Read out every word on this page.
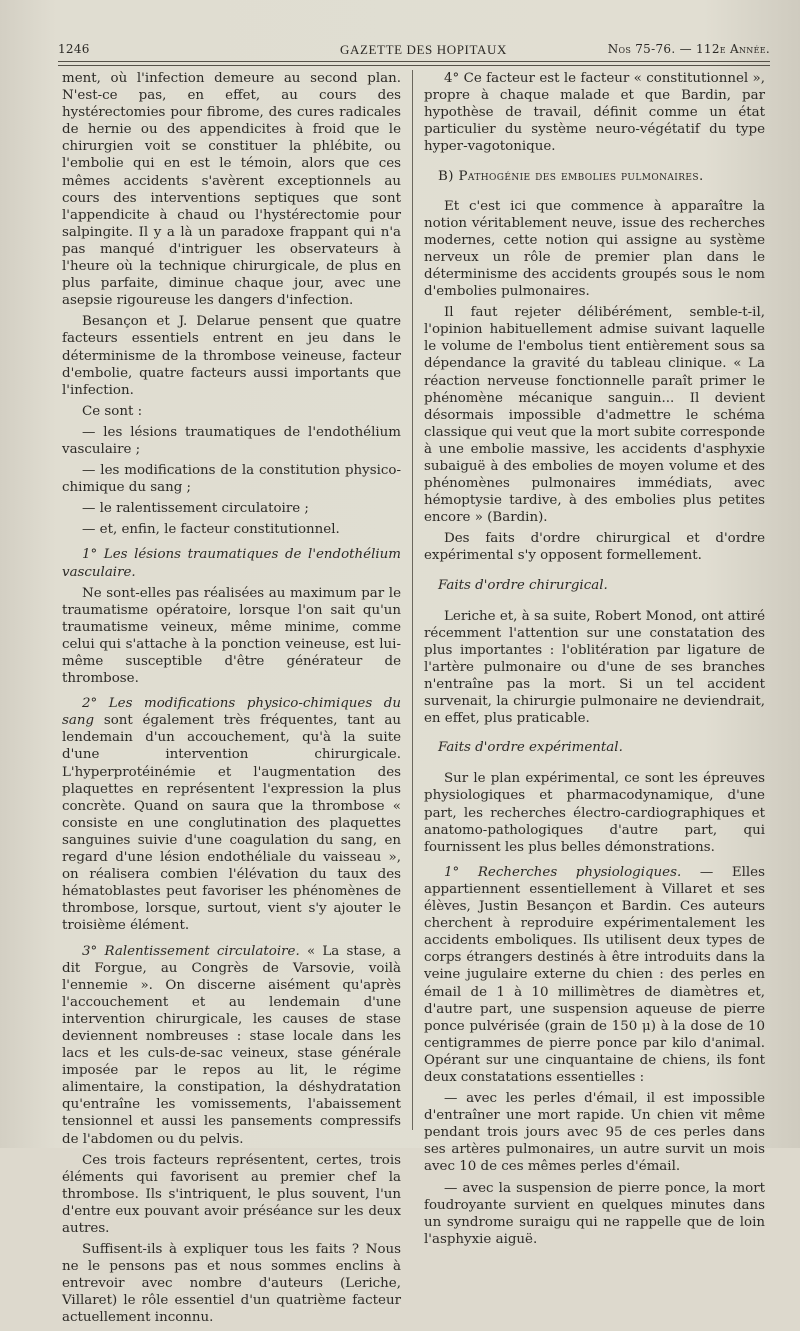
1246	GAZETTE DES HOPITAUX	Nos 75-76. — 112e Année.

ment, où l'infection demeure au second plan. N'est-ce pas, en effet, au cours des hystérectomies pour fibrome, des cures radicales de hernie ou des appendicites à froid que le chirurgien voit se constituer la phlébite, ou l'embolie qui en est le témoin, alors que ces mêmes accidents s'avèrent exceptionnels au cours des interventions septiques que sont l'appendicite à chaud ou l'hystérectomie pour salpingite. Il y a là un paradoxe frappant qui n'a pas manqué d'intriguer les observateurs à l'heure où la technique chirurgicale, de plus en plus parfaite, diminue chaque jour, avec une asepsie rigoureuse les dangers d'infection.

Besançon et J. Delarue pensent que quatre facteurs essentiels entrent en jeu dans le déterminisme de la thrombose veineuse, facteur d'embolie, quatre facteurs aussi importants que l'infection.

Ce sont :

— les lésions traumatiques de l'endothélium vasculaire ;

— les modifications de la constitution physico-chimique du sang ;

— le ralentissement circulatoire ;

— et, enfin, le facteur constitutionnel.

1° Les lésions traumatiques de l'endothélium vasculaire.

Ne sont-elles pas réalisées au maximum par le traumatisme opératoire, lorsque l'on sait qu'un traumatisme veineux, même minime, comme celui qui s'attache à la ponction veineuse, est lui-même susceptible d'être générateur de thrombose.

2° Les modifications physico-chimiques du sang sont également très fréquentes, tant au lendemain d'un accouchement, qu'à la suite d'une intervention chirurgicale. L'hyperprotéinémie et l'augmentation des plaquettes en représentent l'expression la plus concrète. Quand on saura que la thrombose « consiste en une conglutination des plaquettes sanguines suivie d'une coagulation du sang, en regard d'une lésion endothéliale du vaisseau », on réalisera combien l'élévation du taux des hématoblastes peut favoriser les phénomènes de thrombose, lorsque, surtout, vient s'y ajouter le troisième élément.

3° Ralentissement circulatoire. « La stase, a dit Forgue, au Congrès de Varsovie, voilà l'ennemie ». On discerne aisément qu'après l'accouchement et au lendemain d'une intervention chirurgicale, les causes de stase deviennent nombreuses : stase locale dans les lacs et les culs-de-sac veineux, stase générale imposée par le repos au lit, le régime alimentaire, la constipation, la déshydratation qu'entraîne les vomissements, l'abaissement tensionnel et aussi les pansements compressifs de l'abdomen ou du pelvis.

Ces trois facteurs représentent, certes, trois éléments qui favorisent au premier chef la thrombose. Ils s'intriquent, le plus souvent, l'un d'entre eux pouvant avoir préséance sur les deux autres.

Suffisent-ils à expliquer tous les faits ? Nous ne le pensons pas et nous sommes enclins à entrevoir avec nombre d'auteurs (Leriche, Villaret) le rôle essentiel d'un quatrième facteur actuellement inconnu.

4° Ce facteur est le facteur « constitutionnel », propre à chaque malade et que Bardin, par hypothèse de travail, définit comme un état particulier du système neuro-végétatif du type hyper-vagotonique.

B) Pathogénie des embolies pulmonaires.

Et c'est ici que commence à apparaître la notion véritablement neuve, issue des recherches modernes, cette notion qui assigne au système nerveux un rôle de premier plan dans le déterminisme des accidents groupés sous le nom d'embolies pulmonaires.

Il faut rejeter délibérément, semble-t-il, l'opinion habituellement admise suivant laquelle le volume de l'embolus tient entièrement sous sa dépendance la gravité du tableau clinique. « La réaction nerveuse fonctionnelle paraît primer le phénomène mécanique sanguin... Il devient désormais impossible d'admettre le schéma classique qui veut que la mort subite corresponde à une embolie massive, les accidents d'asphyxie subaiguë à des embolies de moyen volume et des phénomènes pulmonaires immédiats, avec hémoptysie tardive, à des embolies plus petites encore » (Bardin).

Des faits d'ordre chirurgical et d'ordre expérimental s'y opposent formellement.

Faits d'ordre chirurgical.

Leriche et, à sa suite, Robert Monod, ont attiré récemment l'attention sur une constatation des plus importantes : l'oblitération par ligature de l'artère pulmonaire ou d'une de ses branches n'entraîne pas la mort. Si un tel accident survenait, la chirurgie pulmonaire ne deviendrait, en effet, plus praticable.

Faits d'ordre expérimental.

Sur le plan expérimental, ce sont les épreuves physiologiques et pharmacodynamique, d'une part, les recherches électro-cardiographiques et anatomo-pathologiques d'autre part, qui fournissent les plus belles démonstrations.

1° Recherches physiologiques. — Elles appartiennent essentiellement à Villaret et ses élèves, Justin Besançon et Bardin. Ces auteurs cherchent à reproduire expérimentalement les accidents emboliques. Ils utilisent deux types de corps étrangers destinés à être introduits dans la veine jugulaire externe du chien : des perles en émail de 1 à 10 millimètres de diamètres et, d'autre part, une suspension aqueuse de pierre ponce pulvérisée (grain de 150 μ) à la dose de 10 centigrammes de pierre ponce par kilo d'animal. Opérant sur une cinquantaine de chiens, ils font deux constatations essentielles :

— avec les perles d'émail, il est impossible d'entraîner une mort rapide. Un chien vit même pendant trois jours avec 95 de ces perles dans ses artères pulmonaires, un autre survit un mois avec 10 de ces mêmes perles d'émail.

— avec la suspension de pierre ponce, la mort foudroyante survient en quelques minutes dans un syndrome suraigu qui ne rappelle que de loin l'asphyxie aiguë.
